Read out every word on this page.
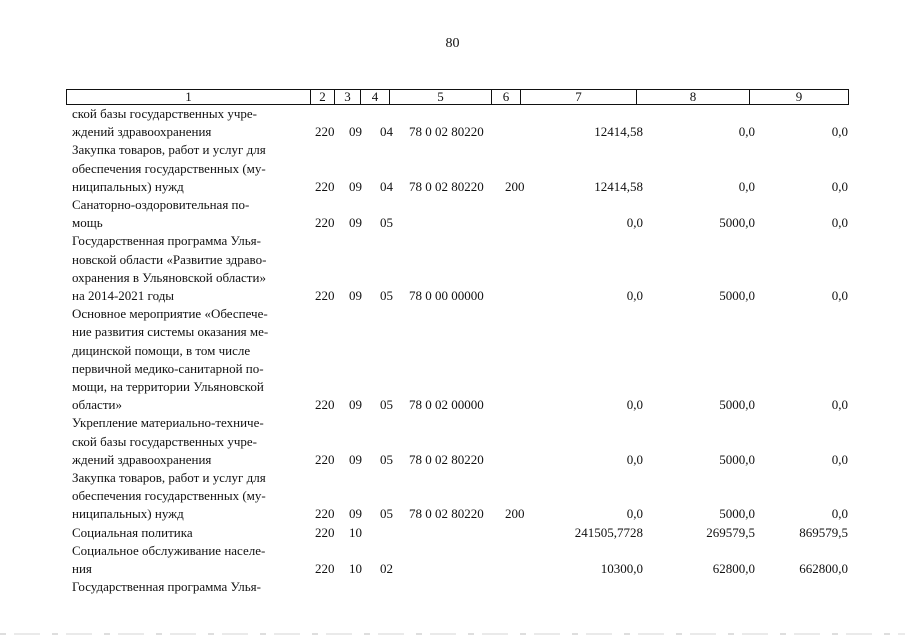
80
1	2	3	4	5	6	7	8	9
ской базы государственных учре-
ждений здравоохранения	220 09 04 78 0 02 80220	12414,58	0,0	0,0
Закупка товаров, работ и услуг для
обеспечения государственных (му-
ниципальных) нужд	220 09 04 78 0 02 80220 200	12414,58	0,0	0,0
Санаторно-оздоровительная по-
мощь	220 09 05	0,0	5000,0	0,0
Государственная программа Улья-
новской области «Развитие здраво-
охранения в Ульяновской области»
на 2014-2021 годы	220 09 05 78 0 00 00000	0,0	5000,0	0,0
Основное мероприятие «Обеспече-
ние развития системы оказания ме-
дицинской помощи, в том числе
первичной медико-санитарной по-
мощи, на территории Ульяновской
области»	220 09 05 78 0 02 00000	0,0	5000,0	0,0
Укрепление материально-техниче-
ской базы государственных учре-
ждений здравоохранения	220 09 05 78 0 02 80220	0,0	5000,0	0,0
Закупка товаров, работ и услуг для
обеспечения государственных (му-
ниципальных) нужд	220 09 05 78 0 02 80220 200	0,0	5000,0	0,0
Социальная политика	220 10	241505,7728	269579,5	869579,5
Социальное обслуживание населе-
ния	220 10 02	10300,0	62800,0	662800,0
Государственная программа Улья-
